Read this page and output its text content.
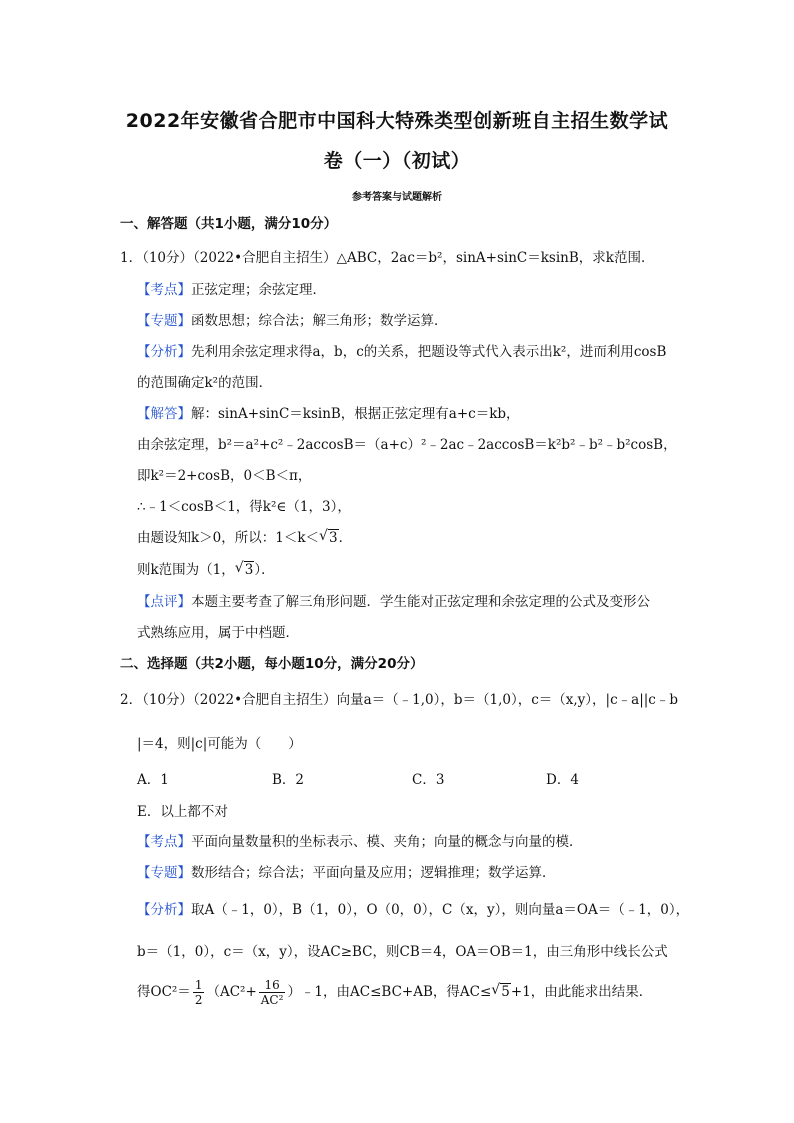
2022年安徽省合肥市中国科大特殊类型创新班自主招生数学试
卷（一）（初试）
参考答案与试题解析
一、解答题（共1小题，满分10分）
1．（10分）（2022•合肥自主招生）△ABC，2ac＝b²，sinA+sinC＝ksinB，求k范围．
【考点】正弦定理；余弦定理．
【专题】函数思想；综合法；解三角形；数学运算．
【分析】先利用余弦定理求得a，b，c的关系，把题设等式代入表示出k²，进而利用cosB
的范围确定k²的范围．
【解答】解：sinA+sinC＝ksinB，根据正弦定理有a+c＝kb，
由余弦定理，b²＝a²+c²﹣2accosB＝（a+c）²﹣2ac﹣2accosB＝k²b²﹣b²﹣b²cosB，
即k²＝2+cosB，0＜B＜π，
∴﹣1＜cosB＜1，得k²∈（1，3），
由题设知k＞0，所以：1＜k＜ √ 3．
则k范围为（1， √ 3）．
【点评】本题主要考查了解三角形问题．学生能对正弦定理和余弦定理的公式及变形公
式熟练应用，属于中档题．
二、选择题（共2小题，每小题10分，满分20分）
2．（10分）（2022•合肥自主招生）向量a＝（﹣1,0），b＝（1,0），c＝（x,y），|c﹣a||c﹣b
|＝4，则|c|可能为（　　）
A．1	B．2	C．3	D．4
E．以上都不对
【考点】平面向量数量积的坐标表示、模、夹角；向量的概念与向量的模．
【专题】数形结合；综合法；平面向量及应用；逻辑推理；数学运算．
【分析】取A（﹣1，0），B（1，0），O（0，0），C（x，y），则向量a＝OA＝（﹣1，0），
b＝（1，0），c＝（x，y），设AC≥BC，则CB＝4，OA＝OB＝1，由三角形中线长公式
得$OC^2= \frac{1}{2} (AC^2+ \frac{16}{\text{AC²}}$ ）﹣1，由AC≤BC+AB，得AC≤ √ 5+1，由此能求出结果．
